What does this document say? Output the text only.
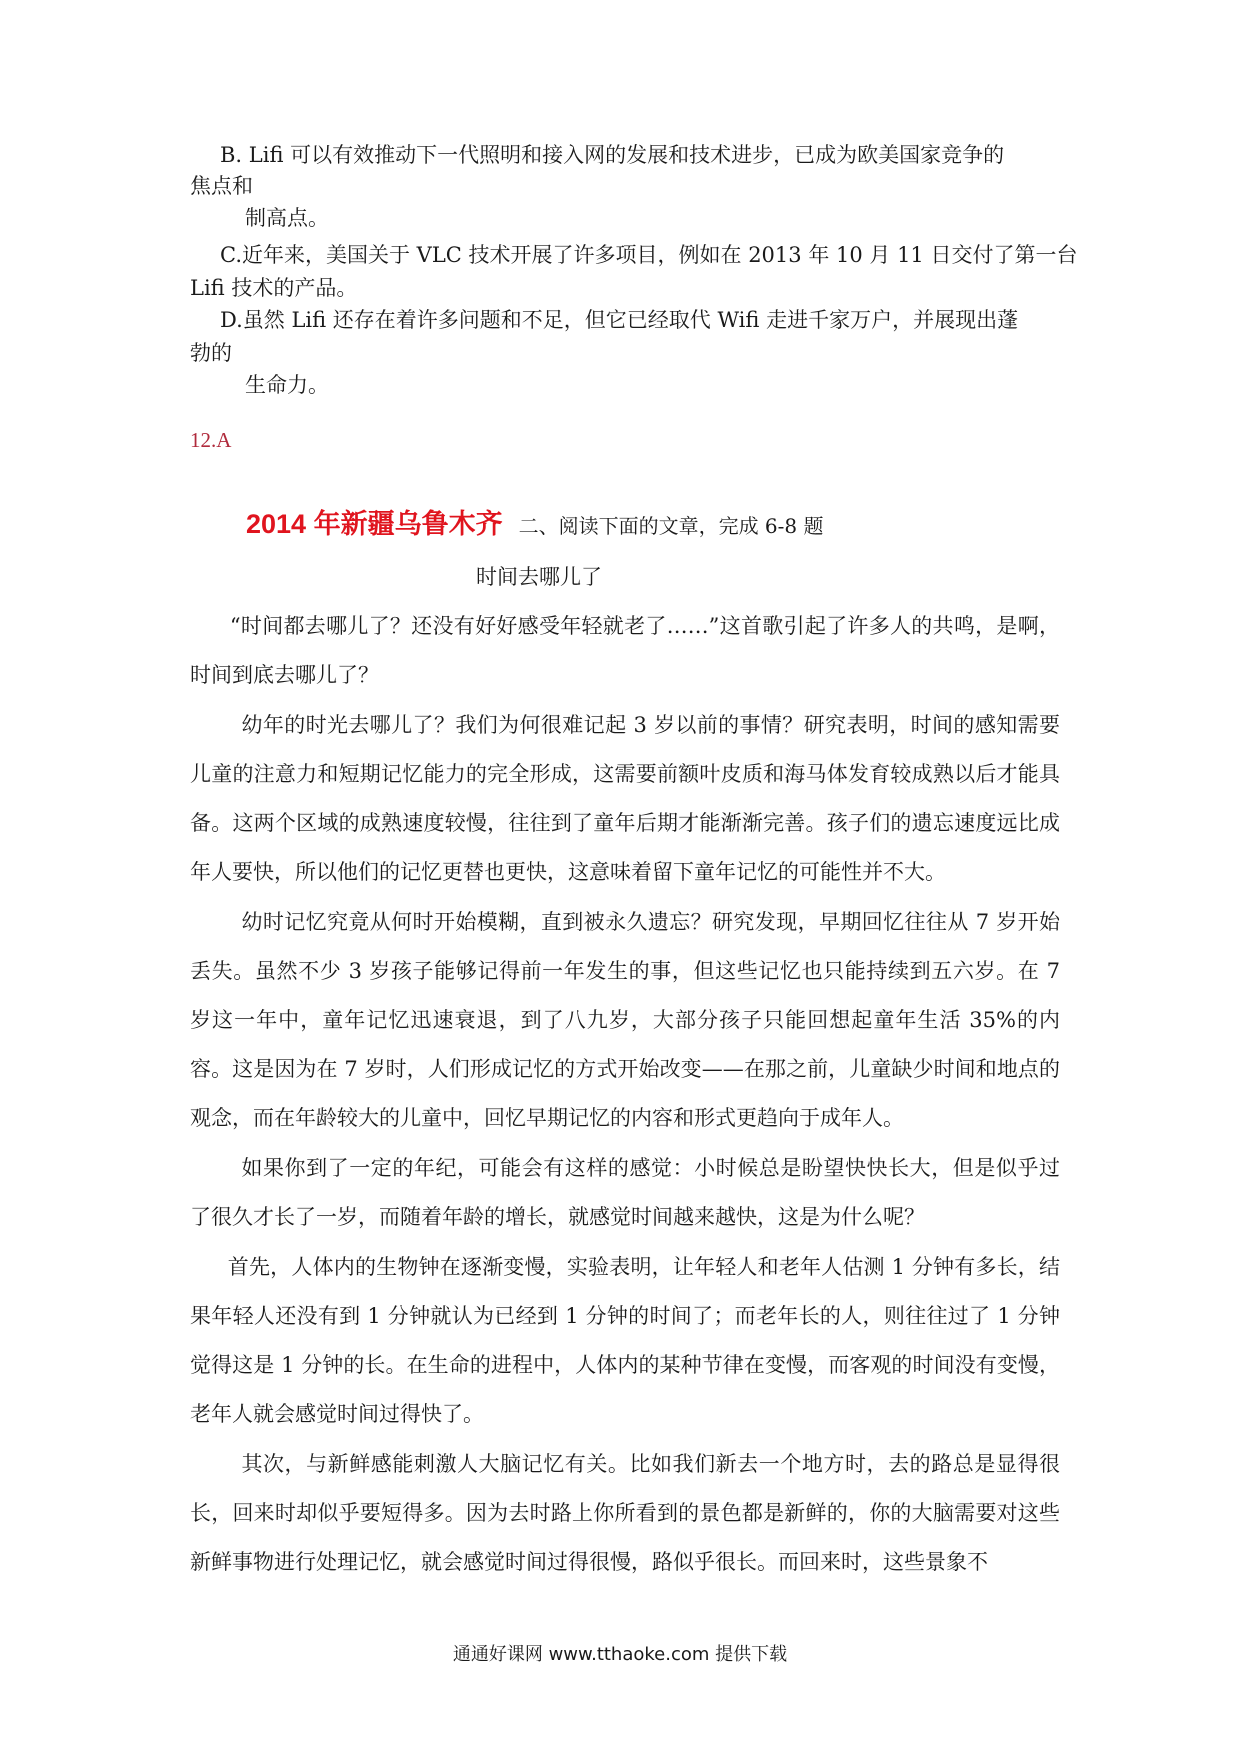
B. Lifi 可以有效推动下一代照明和接入网的发展和技术进步，已成为欧美国家竞争的
焦点和
制高点。
C.近年来，美国关于 VLC 技术开展了许多项目，例如在 2013 年 10 月 11 日交付了第一台
Lifi 技术的产品。
D.虽然 Lifi 还存在着许多问题和不足，但它已经取代 Wifi 走进千家万户，并展现出蓬
勃的
生命力。
12.A
2014 年新疆乌鲁木齐 二、阅读下面的文章，完成 6-8 题
时间去哪儿了

“时间都去哪儿了？还没有好好感受年轻就老了……”这首歌引起了许多人的共鸣，是啊，时间到底去哪儿了？

幼年的时光去哪儿了？我们为何很难记起 3 岁以前的事情？研究表明，时间的感知需要儿童的注意力和短期记忆能力的完全形成，这需要前额叶皮质和海马体发育较成熟以后才能具备。这两个区域的成熟速度较慢，往往到了童年后期才能渐渐完善。孩子们的遗忘速度远比成年人要快，所以他们的记忆更替也更快，这意味着留下童年记忆的可能性并不大。

幼时记忆究竟从何时开始模糊，直到被永久遗忘？研究发现，早期回忆往往从 7 岁开始丢失。虽然不少 3 岁孩子能够记得前一年发生的事，但这些记忆也只能持续到五六岁。在 7 岁这一年中，童年记忆迅速衰退，到了八九岁，大部分孩子只能回想起童年生活 35%的内容。这是因为在 7 岁时，人们形成记忆的方式开始改变——在那之前，儿童缺少时间和地点的观念，而在年龄较大的儿童中，回忆早期记忆的内容和形式更趋向于成年人。

如果你到了一定的年纪，可能会有这样的感觉：小时候总是盼望快快长大，但是似乎过了很久才长了一岁，而随着年龄的增长，就感觉时间越来越快，这是为什么呢？

首先，人体内的生物钟在逐渐变慢，实验表明，让年轻人和老年人估测 1 分钟有多长，结果年轻人还没有到 1 分钟就认为已经到 1 分钟的时间了；而老年长的人，则往往过了 1 分钟觉得这是 1 分钟的长。在生命的进程中，人体内的某种节律在变慢，而客观的时间没有变慢，老年人就会感觉时间过得快了。

其次，与新鲜感能刺激人大脑记忆有关。比如我们新去一个地方时，去的路总是显得很长，回来时却似乎要短得多。因为去时路上你所看到的景色都是新鲜的，你的大脑需要对这些新鲜事物进行处理记忆，就会感觉时间过得很慢，路似乎很长。而回来时，这些景象不

通通好课网 www.tthaoke.com 提供下载
